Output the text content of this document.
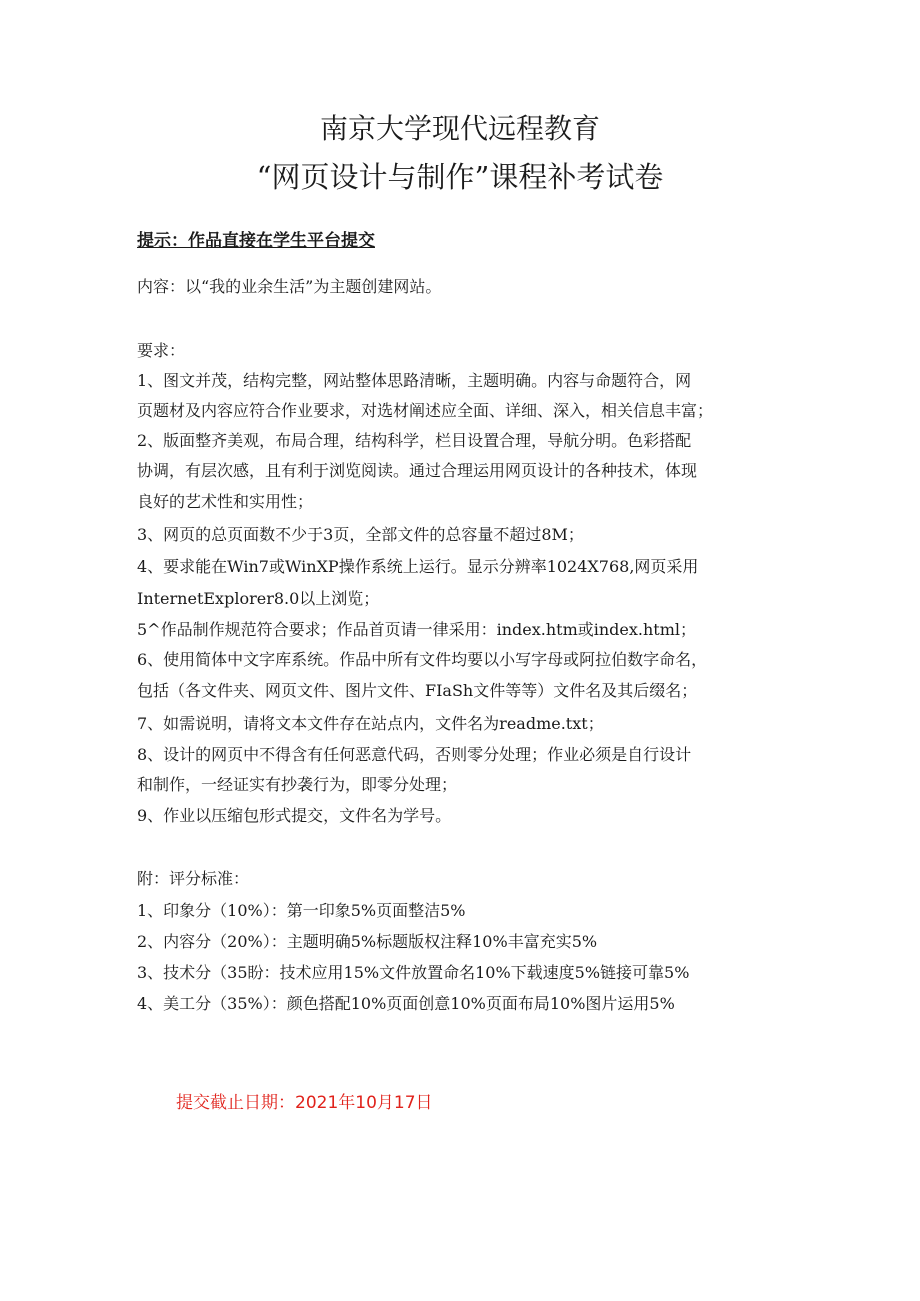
南京大学现代远程教育
“网页设计与制作”课程补考试卷
提示：作品直接在学生平台提交
内容：以“我的业余生活”为主题创建网站。
要求：
1、图文并茂，结构完整，网站整体思路清晰，主题明确。内容与命题符合，网
页题材及内容应符合作业要求，对选材阐述应全面、详细、深入，相关信息丰富；
2、版面整齐美观，布局合理，结构科学，栏目设置合理，导航分明。色彩搭配
协调，有层次感，且有利于浏览阅读。通过合理运用网页设计的各种技术，体现
良好的艺术性和实用性；
3、网页的总页面数不少于3页，全部文件的总容量不超过8M；
4、要求能在Win7或WinXP操作系统上运行。显示分辨率1024X768,网页采用
InternetExplorer8.0以上浏览；
5^作品制作规范符合要求；作品首页请一律采用：index.htm或index.html；
6、使用简体中文字库系统。作品中所有文件均要以小写字母或阿拉伯数字命名，
包括（各文件夹、网页文件、图片文件、FIaSh文件等等）文件名及其后缀名；
7、如需说明，请将文本文件存在站点内，文件名为readme.txt；
8、设计的网页中不得含有任何恶意代码，否则零分处理；作业必须是自行设计
和制作，一经证实有抄袭行为，即零分处理；
9、作业以压缩包形式提交，文件名为学号。
附：评分标准：
1、印象分（10%）：第一印象5%页面整洁5%
2、内容分（20%）：主题明确5%标题版权注释10%丰富充实5%
3、技术分（35盼：技术应用15%文件放置命名10%下载速度5%链接可靠5%
4、美工分（35%）：颜色搭配10%页面创意10%页面布局10%图片运用5%
提交截止日期：2021年10月17日
